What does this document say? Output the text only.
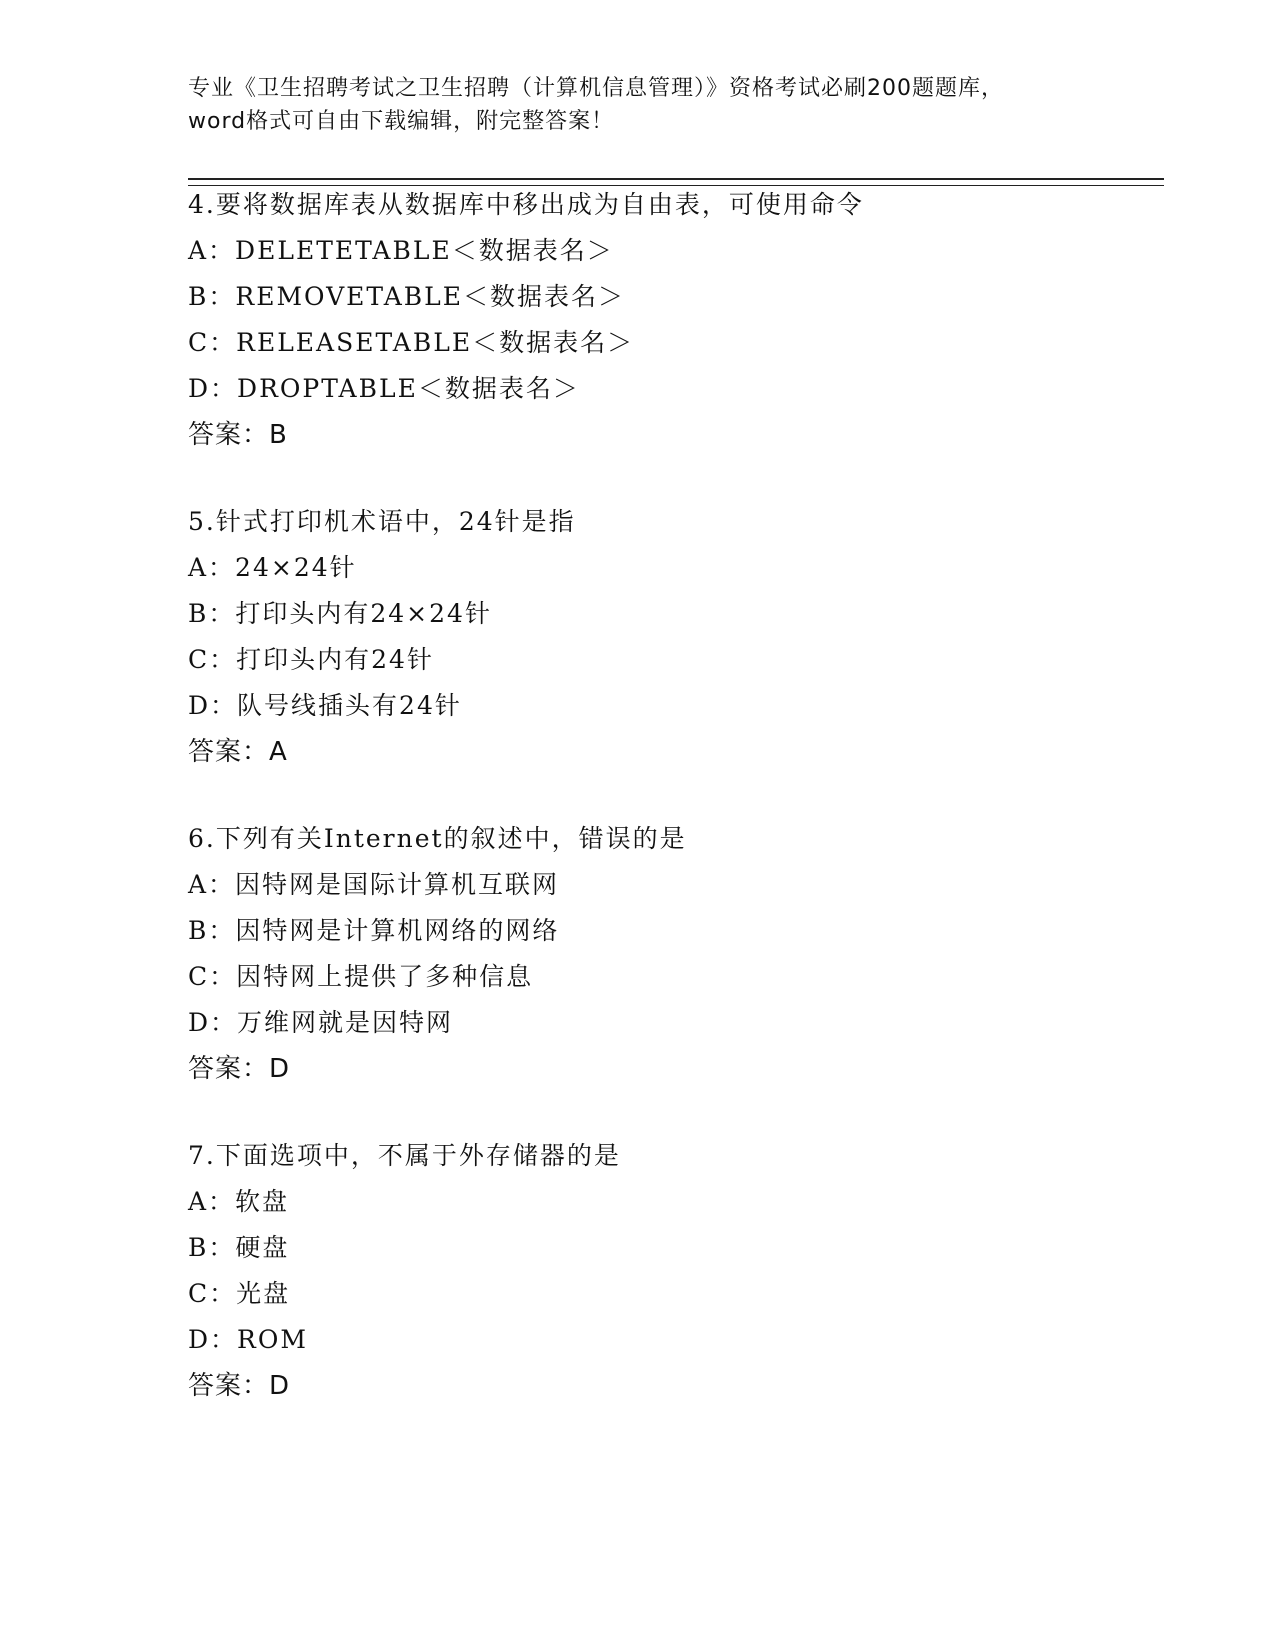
专业《卫生招聘考试之卫生招聘（计算机信息管理）》资格考试必刷200题题库，
word格式可自由下载编辑，附完整答案！
4.要将数据库表从数据库中移出成为自由表，可使用命令
A：DELETETABLE＜数据表名＞
B：REMOVETABLE＜数据表名＞
C：RELEASETABLE＜数据表名＞
D：DROPTABLE＜数据表名＞
答案：B
5.针式打印机术语中，24针是指
A：24×24针
B：打印头内有24×24针
C：打印头内有24针
D：队号线插头有24针
答案：A
6.下列有关Internet的叙述中，错误的是
A：因特网是国际计算机互联网
B：因特网是计算机网络的网络
C：因特网上提供了多种信息
D：万维网就是因特网
答案：D
7.下面选项中，不属于外存储器的是
A：软盘
B：硬盘
C：光盘
D：ROM
答案：D
